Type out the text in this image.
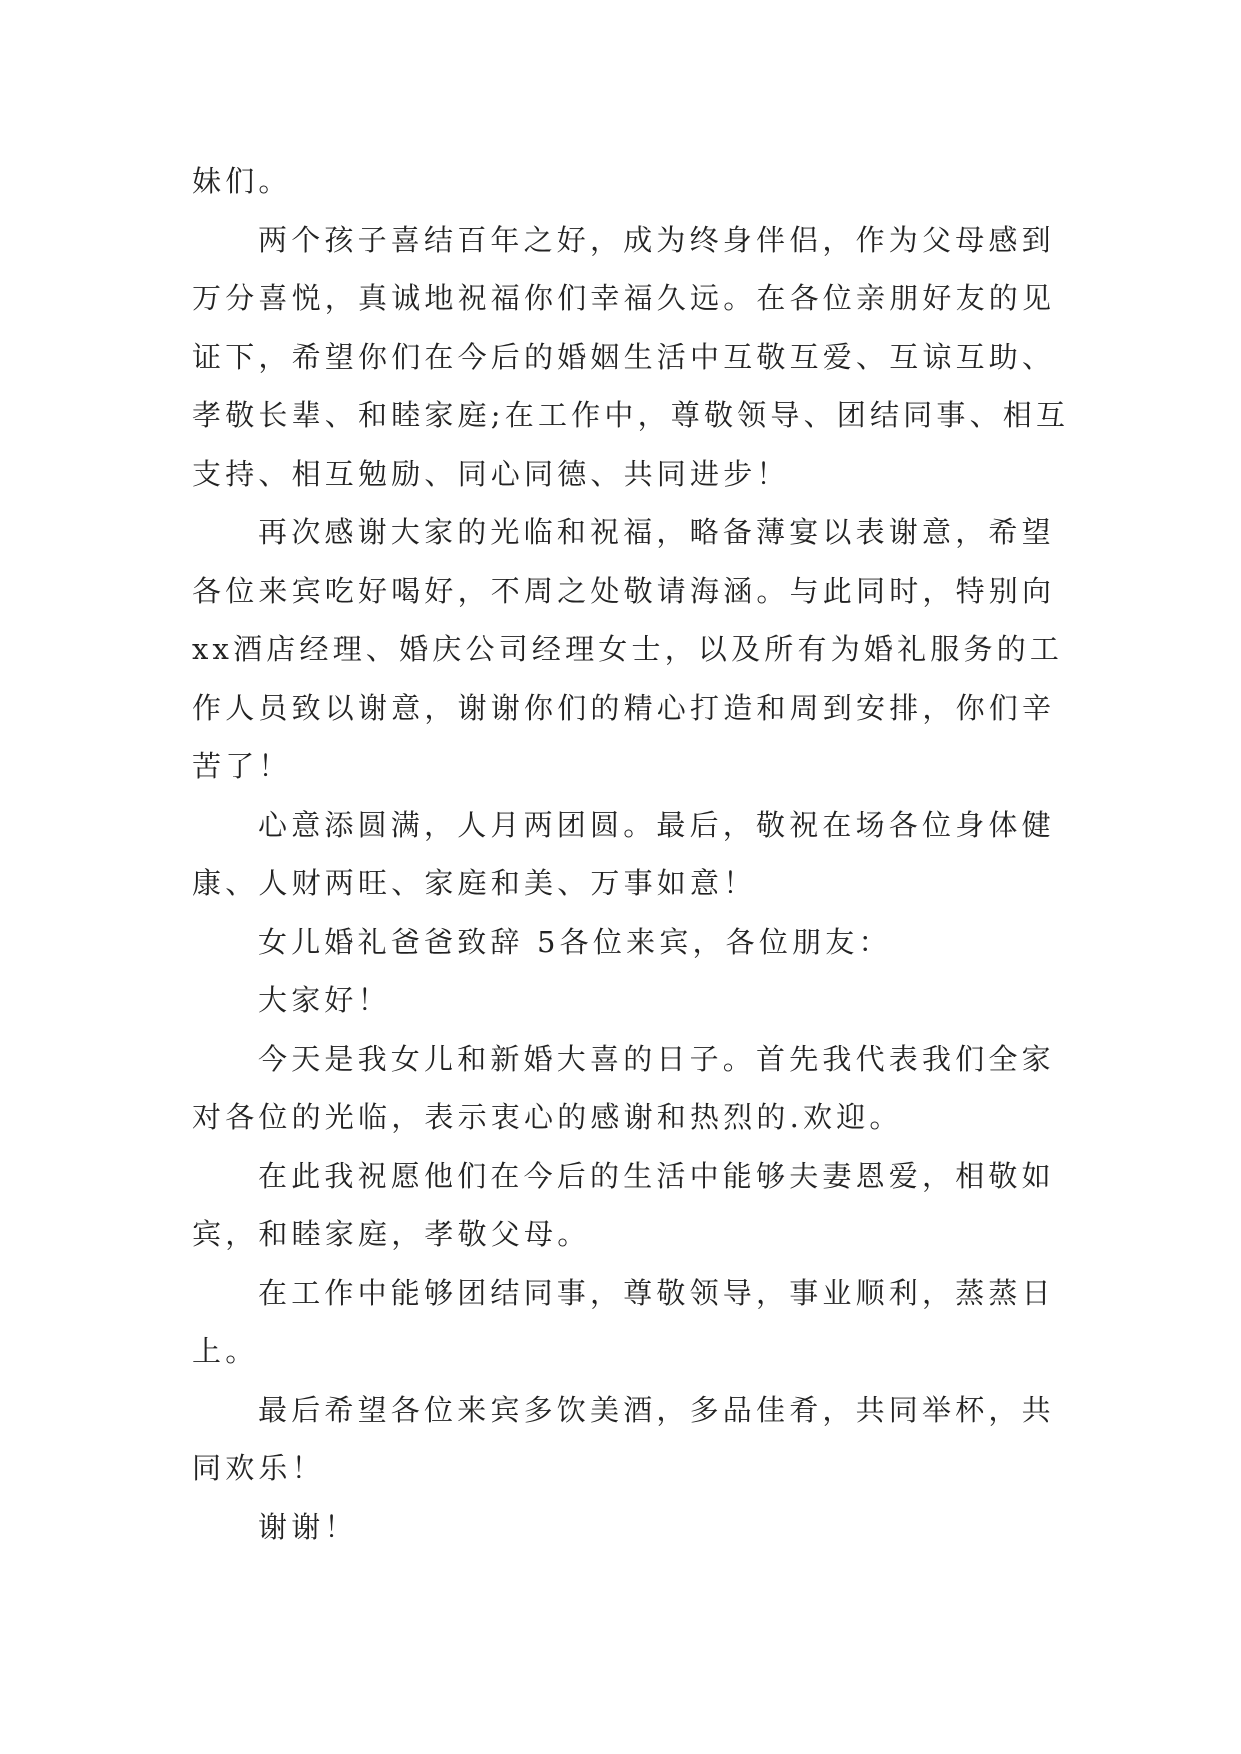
妹们。

两个孩子喜结百年之好，成为终身伴侣，作为父母感到万分喜悦，真诚地祝福你们幸福久远。在各位亲朋好友的见证下，希望你们在今后的婚姻生活中互敬互爱、互谅互助、孝敬长辈、和睦家庭;在工作中，尊敬领导、团结同事、相互支持、相互勉励、同心同德、共同进步！

再次感谢大家的光临和祝福，略备薄宴以表谢意，希望各位来宾吃好喝好，不周之处敬请海涵。与此同时，特别向xx酒店经理、婚庆公司经理女士，以及所有为婚礼服务的工作人员致以谢意，谢谢你们的精心打造和周到安排，你们辛苦了！

心意添圆满，人月两团圆。最后，敬祝在场各位身体健康、人财两旺、家庭和美、万事如意！

女儿婚礼爸爸致辞 5各位来宾，各位朋友：

大家好！

今天是我女儿和新婚大喜的日子。首先我代表我们全家对各位的光临，表示衷心的感谢和热烈的.欢迎。

在此我祝愿他们在今后的生活中能够夫妻恩爱，相敬如宾，和睦家庭，孝敬父母。

在工作中能够团结同事，尊敬领导，事业顺利，蒸蒸日上。

最后希望各位来宾多饮美酒，多品佳肴，共同举杯，共同欢乐！

谢谢！
